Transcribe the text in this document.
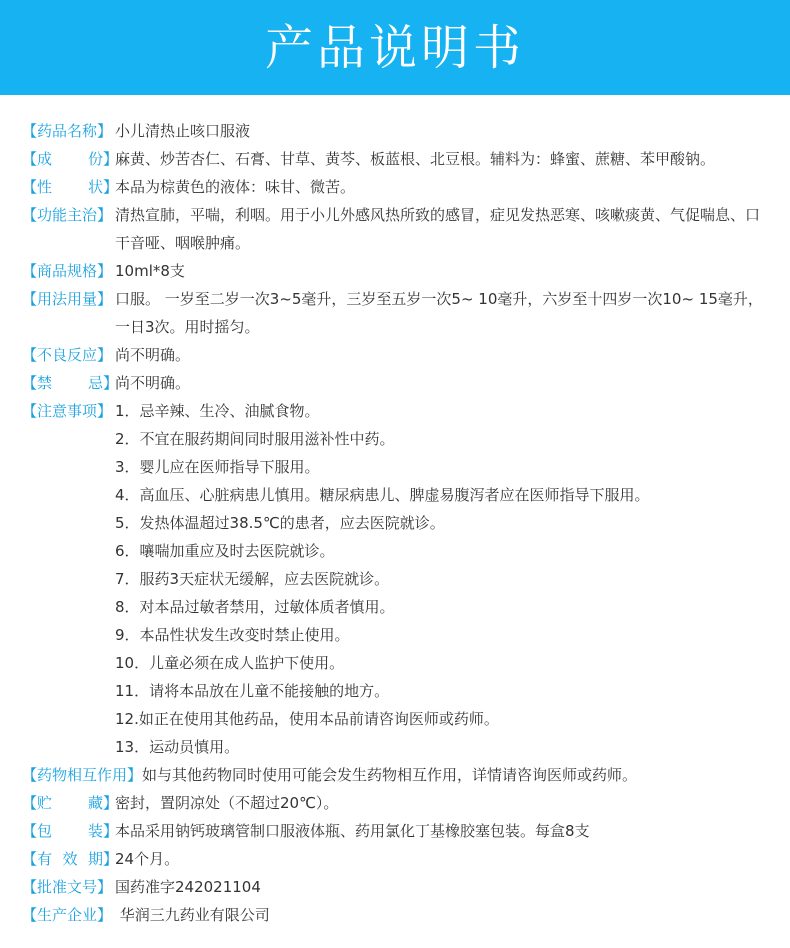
产品说明书
【药品名称】 小儿清热止咳口服液
【 成 份 】
麻黄、炒苦杏仁、石膏、甘草、黄芩、板蓝根、北豆根。辅料为：蜂蜜、蔗糖、苯甲酸钠。
【 性 状 】
本品为棕黄色的液体：味甘、微苦。
【功能主治】 清热宣肺，平喘，利咽。用于小儿外感风热所致的感冒，症见发热恶寒、咳嗽痰黄、气促喘息、口干音哑、咽喉肿痛。
【商品规格】 10ml*8支
【用法用量】 口服。 一岁至二岁一次3~5毫升，三岁至五岁一次5~ 10毫升，六岁至十四岁一次10~ 15毫升，一日3次。用时摇匀。
【不良反应】 尚不明确。
【 禁 忌 】
尚不明确。
【注意事项】 1．忌辛辣、生冷、油腻食物。
2．不宜在服药期间同时服用滋补性中药。
3．婴儿应在医师指导下服用。
4．高血压、心脏病患儿慎用。糖尿病患儿、脾虚易腹泻者应在医师指导下服用。
5．发热体温超过38.5℃的患者，应去医院就诊。
6．嚷喘加重应及时去医院就诊。
7．服药3天症状无缓解，应去医院就诊。
8．对本品过敏者禁用，过敏体质者慎用。
9．本品性状发生改变时禁止使用。
10．儿童必须在成人监护下使用。
11．请将本品放在儿童不能接触的地方。
12.如正在使用其他药品，使用本品前请咨询医师或药师。
13．运动员慎用。
【药物相互作用】 如与其他药物同时使用可能会发生药物相互作用，详情请咨询医师或药师。
【 贮 藏 】
密封，置阴凉处（不超过20℃）。
【 包 装 】
本品采用钠钙玻璃管制口服液体瓶、药用氯化丁基橡胶塞包装。每盒8支
【 有 效 期 】
24个月。
【批准文号】 国药准字242021104
【生产企业】 华润三九药业有限公司
